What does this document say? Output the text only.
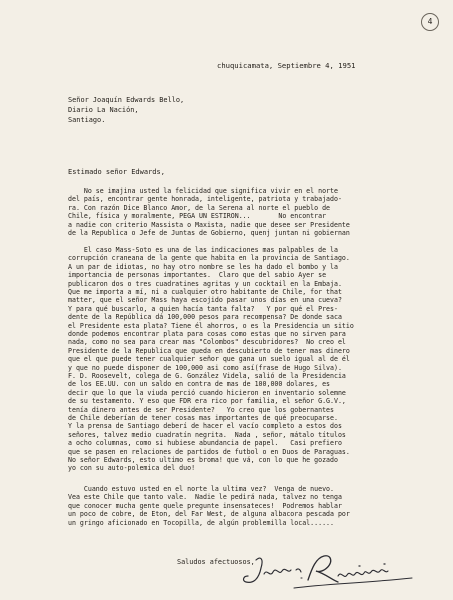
4
chuquicamata, Septiembre 4, 1951
Señor Joaquín Edwards Bello,
Diario La Nación,
Santiago.
Estimado señor Edwards,

No se imajina usted la felicidad que significa vivir en el norte

del país, encontrar gente honrada, inteligente, patriota y trabajado-

ra. Con razón Dice Blanco Amor, de la Serena al norte el pueblo de

Chile, física y moralmente, PEGA UN ESTIRON...       No encontrar

a nadie con criterio Massista o Maxista, nadie que desee ser Presidente

de la Republica o Jefe de Juntas de Gobierno, quenj juntan ni gobiernan

El caso Mass-Soto es una de las indicaciones mas palpables de la

corrupción craneana de la gente que habita en la provincia de Santiago.

A un par de idiotas, no hay otro nombre se les ha dado el bombo y la

importancia de personas importantes.  Claro que del sabio Ayer se

publicaron dos o tres cuadratines agritas y un cocktail en la Embaja.

Que me importa a mí, ni a cualquier otro habitante de Chile, for that

matter, que el señor Mass haya escojido pasar unos días en una cueva?

Y para qué buscarlo, a quien hacía tanta falta?   Y por qué el Pres-

dente de la República dá 100,000 pesos para recompensa? De donde saca

el Presidente esta plata? Tiene él ahorros, o es la Presidencia un sitio

donde podemos encontrar plata para cosas como estas que no sirven para

nada, como no sea para crear mas "Colombos" descubridores?  No creo el

Presidente de la Republica que queda en descubierto de tener mas dinero

que el que puede tener cualquier señor que gana un suelo igual al de él

y que no puede disponer de 100,000 asi como así(frase de Hugo Silva).

F. D. Roosevelt, colega de G. González Videla, salió de la Presidencia

de los EE.UU. con un saldo en contra de mas de 100,000 dolares, es

decir que lo que la viuda perció cuando hicieron en inventario solemne

de su testamento. Y eso que FDR era rico por familia, el señor G.G.V.,

tenía dinero antes de ser Presidente?   Yo creo que los gobernantes

de Chile deberían de tener cosas mas importantes de qué preocuparse.

Y la prensa de Santiago deberí de hacer el vacío completo a estos dos

señores, talvez medio cuadratín negrita.  Nada , señor, mátalo títulos

a ocho columnas, como si hubiese abundancia de papel.   Casi prefiero

que se pasen en relaciones de partidos de futbol o en Duos de Paraguas.

No señor Edwards, esto ultimo es broma! que vá, con lo que he gozado

yo con su auto-polemica del duo!

Cuando estuvo usted en el norte la ultima vez?  Venga de nuevo.

Vea este Chile que tanto vale.  Nadie le pedirá nada, talvez no tenga

que conocer mucha gente quele pregunte insensateces!  Podremos hablar

un poco de cobre, de Eton, del Far West, de alguna albacora pescada por

un gringo aficionado en Tocopilla, de algún problemilla local......

Saludos afectuosos,
